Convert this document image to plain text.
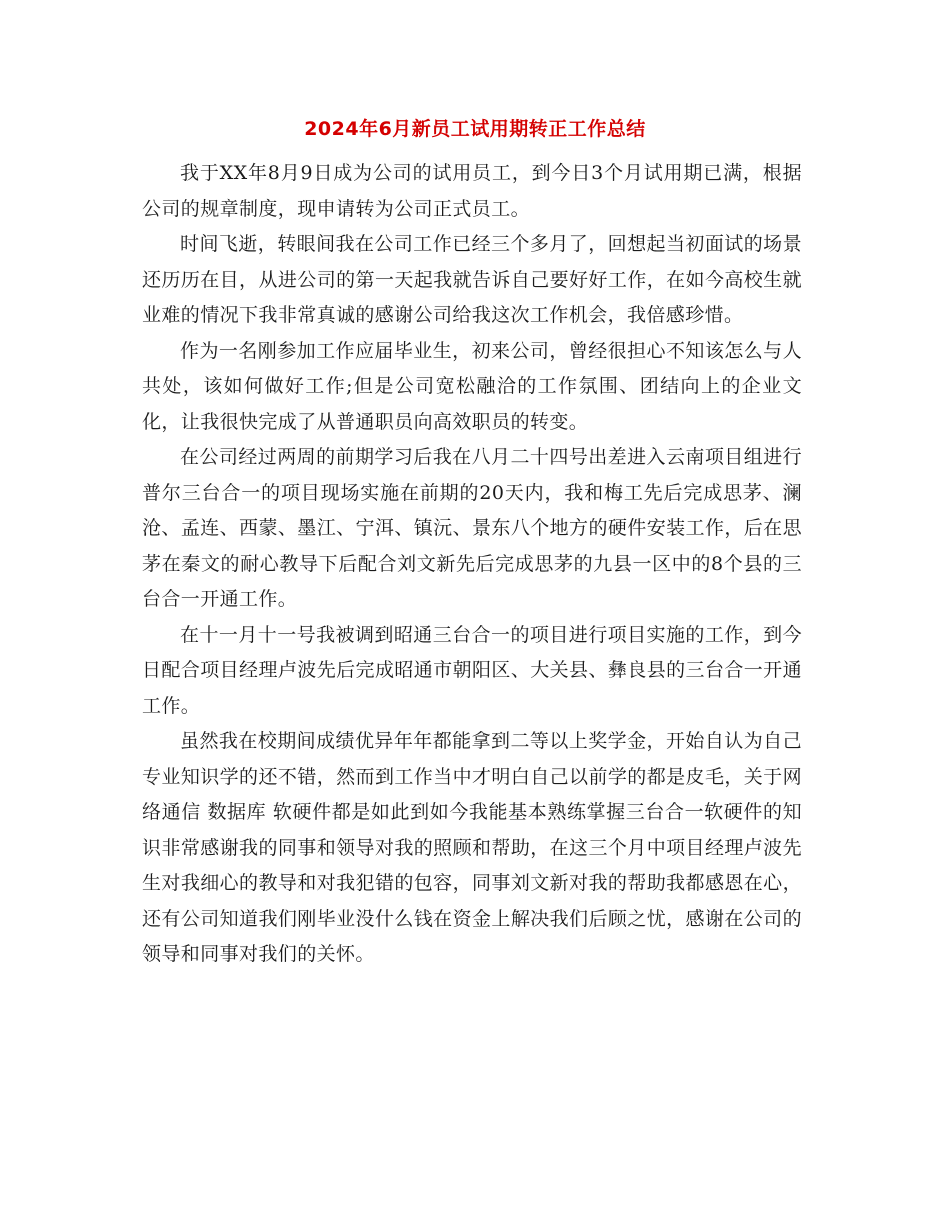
2024年6月新员工试用期转正工作总结

我于XX年8月9日成为公司的试用员工，到今日3个月试用期已满，根据公司的规章制度，现申请转为公司正式员工。

时间飞逝，转眼间我在公司工作已经三个多月了，回想起当初面试的场景还历历在目，从进公司的第一天起我就告诉自己要好好工作，在如今高校生就业难的情况下我非常真诚的感谢公司给我这次工作机会，我倍感珍惜。

作为一名刚参加工作应届毕业生，初来公司，曾经很担心不知该怎么与人共处，该如何做好工作;但是公司宽松融洽的工作氛围、团结向上的企业文化，让我很快完成了从普通职员向高效职员的转变。

在公司经过两周的前期学习后我在八月二十四号出差进入云南项目组进行普尔三台合一的项目现场实施在前期的20天内，我和梅工先后完成思茅、澜沧、孟连、西蒙、墨江、宁洱、镇沅、景东八个地方的硬件安装工作，后在思茅在秦文的耐心教导下后配合刘文新先后完成思茅的九县一区中的8个县的三台合一开通工作。

在十一月十一号我被调到昭通三台合一的项目进行项目实施的工作，到今日配合项目经理卢波先后完成昭通市朝阳区、大关县、彝良县的三台合一开通工作。

虽然我在校期间成绩优异年年都能拿到二等以上奖学金，开始自认为自己专业知识学的还不错，然而到工作当中才明白自己以前学的都是皮毛，关于网络通信 数据库 软硬件都是如此到如今我能基本熟练掌握三台合一软硬件的知识非常感谢我的同事和领导对我的照顾和帮助，在这三个月中项目经理卢波先生对我细心的教导和对我犯错的包容，同事刘文新对我的帮助我都感恩在心，还有公司知道我们刚毕业没什么钱在资金上解决我们后顾之忧，感谢在公司的领导和同事对我们的关怀。
